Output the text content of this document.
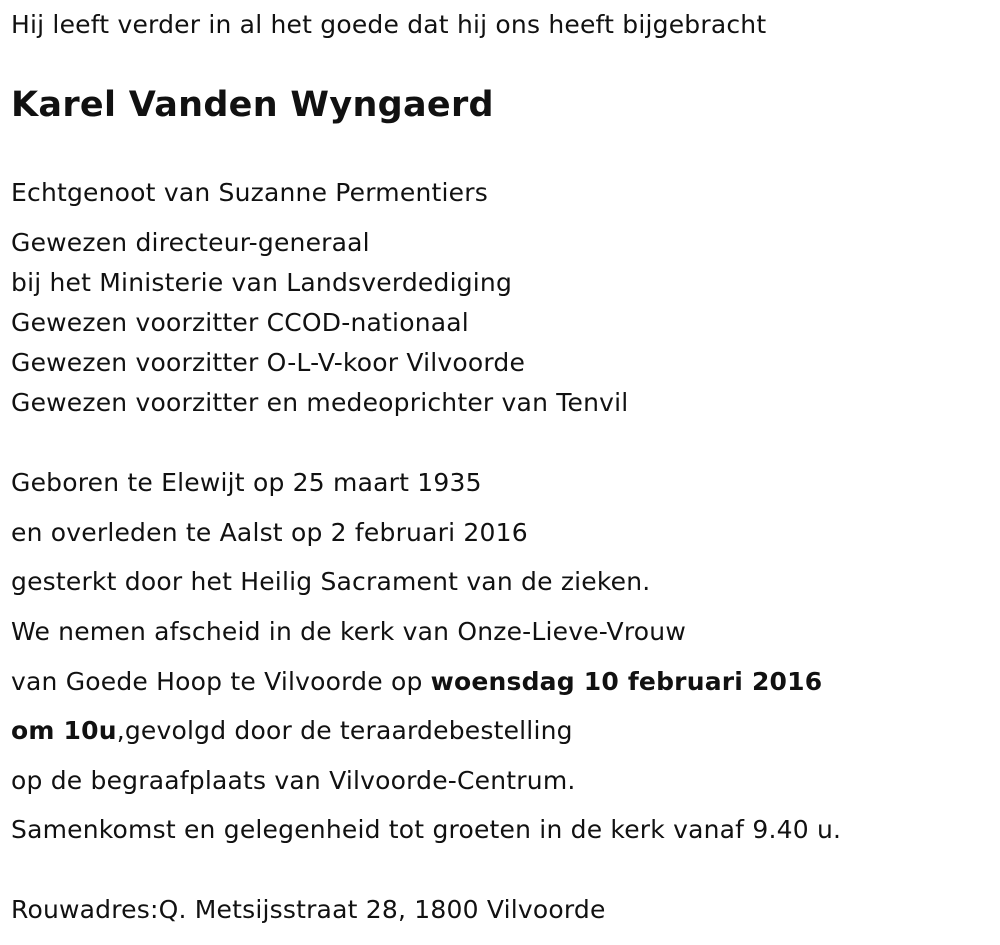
Hij leeft verder in al het goede dat hij ons heeft bijgebracht
Karel Vanden Wyngaerd
Echtgenoot van Suzanne Permentiers
Gewezen directeur-generaal
bij het Ministerie van Landsverdediging
Gewezen voorzitter CCOD-nationaal
Gewezen voorzitter O-L-V-koor Vilvoorde
Gewezen voorzitter en medeoprichter van Tenvil
Geboren te Elewijt op 25 maart 1935
en overleden te Aalst op 2 februari 2016
gesterkt door het Heilig Sacrament van de zieken.
We nemen afscheid in de kerk van Onze-Lieve-Vrouw
van Goede Hoop te Vilvoorde op woensdag 10 februari 2016
om 10u,gevolgd door de teraardebestelling
op de begraafplaats van Vilvoorde-Centrum.
Samenkomst en gelegenheid tot groeten in de kerk vanaf 9.40 u.
Rouwadres:Q. Metsijsstraat 28, 1800 Vilvoorde
